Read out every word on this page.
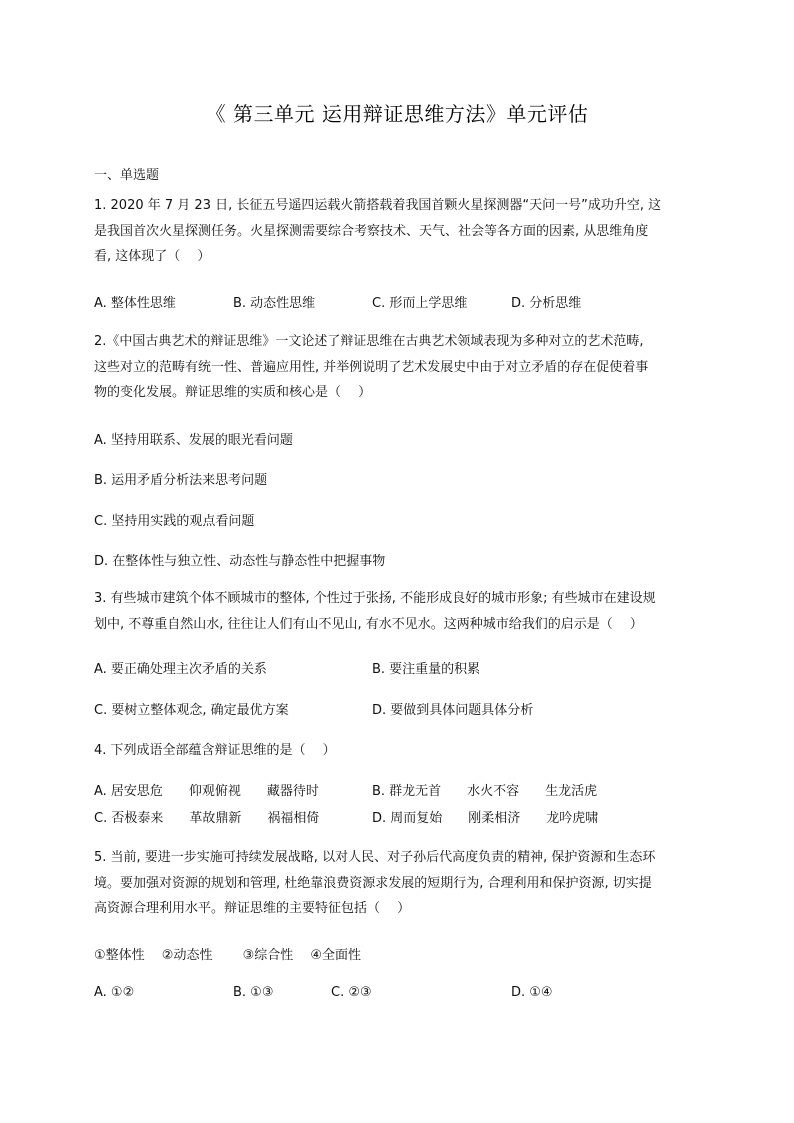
《 第三单元 运用辩证思维方法》单元评估
一、单选题

1. 2020 年 7 月 23 日, 长征五号遥四运载火箭搭载着我国首颗火星探测器“天问一号”成功升空, 这

是我国首次火星探测任务。火星探测需要综合考察技术、天气、社会等各方面的因素, 从思维角度

看, 这体现了（　 ）

A. 整体性思维	B. 动态性思维	C. 形而上学思维	D. 分析思维

2.《中国古典艺术的辩证思维》一文论述了辩证思维在古典艺术领域表现为多种对立的艺术范畴,

这些对立的范畴有统一性、普遍应用性, 并举例说明了艺术发展史中由于对立矛盾的存在促使着事

物的变化发展。辩证思维的实质和核心是（　 ）

A. 坚持用联系、发展的眼光看问题
B. 运用矛盾分析法来思考问题
C. 坚持用实践的观点看问题
D. 在整体性与独立性、动态性与静态性中把握事物

3. 有些城市建筑个体不顾城市的整体, 个性过于张扬, 不能形成良好的城市形象; 有些城市在建设规

划中, 不尊重自然山水, 往往让人们有山不见山, 有水不见水。这两种城市给我们的启示是（　 ）

A. 要正确处理主次矛盾的关系	B. 要注重量的积累
C. 要树立整体观念, 确定最优方案	D. 要做到具体问题具体分析
4. 下列成语全部蕴含辩证思维的是（　 ）
A. 居安思危　　仰观俯视　　藏器待时	B. 群龙无首　　水火不容　　生龙活虎
C. 否极泰来　　革故鼎新　　祸福相倚	D. 周而复始　　刚柔相济　　龙吟虎啸

5. 当前, 要进一步实施可持续发展战略, 以对人民、对子孙后代高度负责的精神, 保护资源和生态环

境。要加强对资源的规划和管理, 杜绝靠浪费资源求发展的短期行为, 合理利用和保护资源, 切实提

高资源合理利用水平。辩证思维的主要特征包括（　 ）

①整体性　 ②动态性　　 ③综合性　 ④全面性
A. ①②	B. ①③	C. ②③	D. ①④
